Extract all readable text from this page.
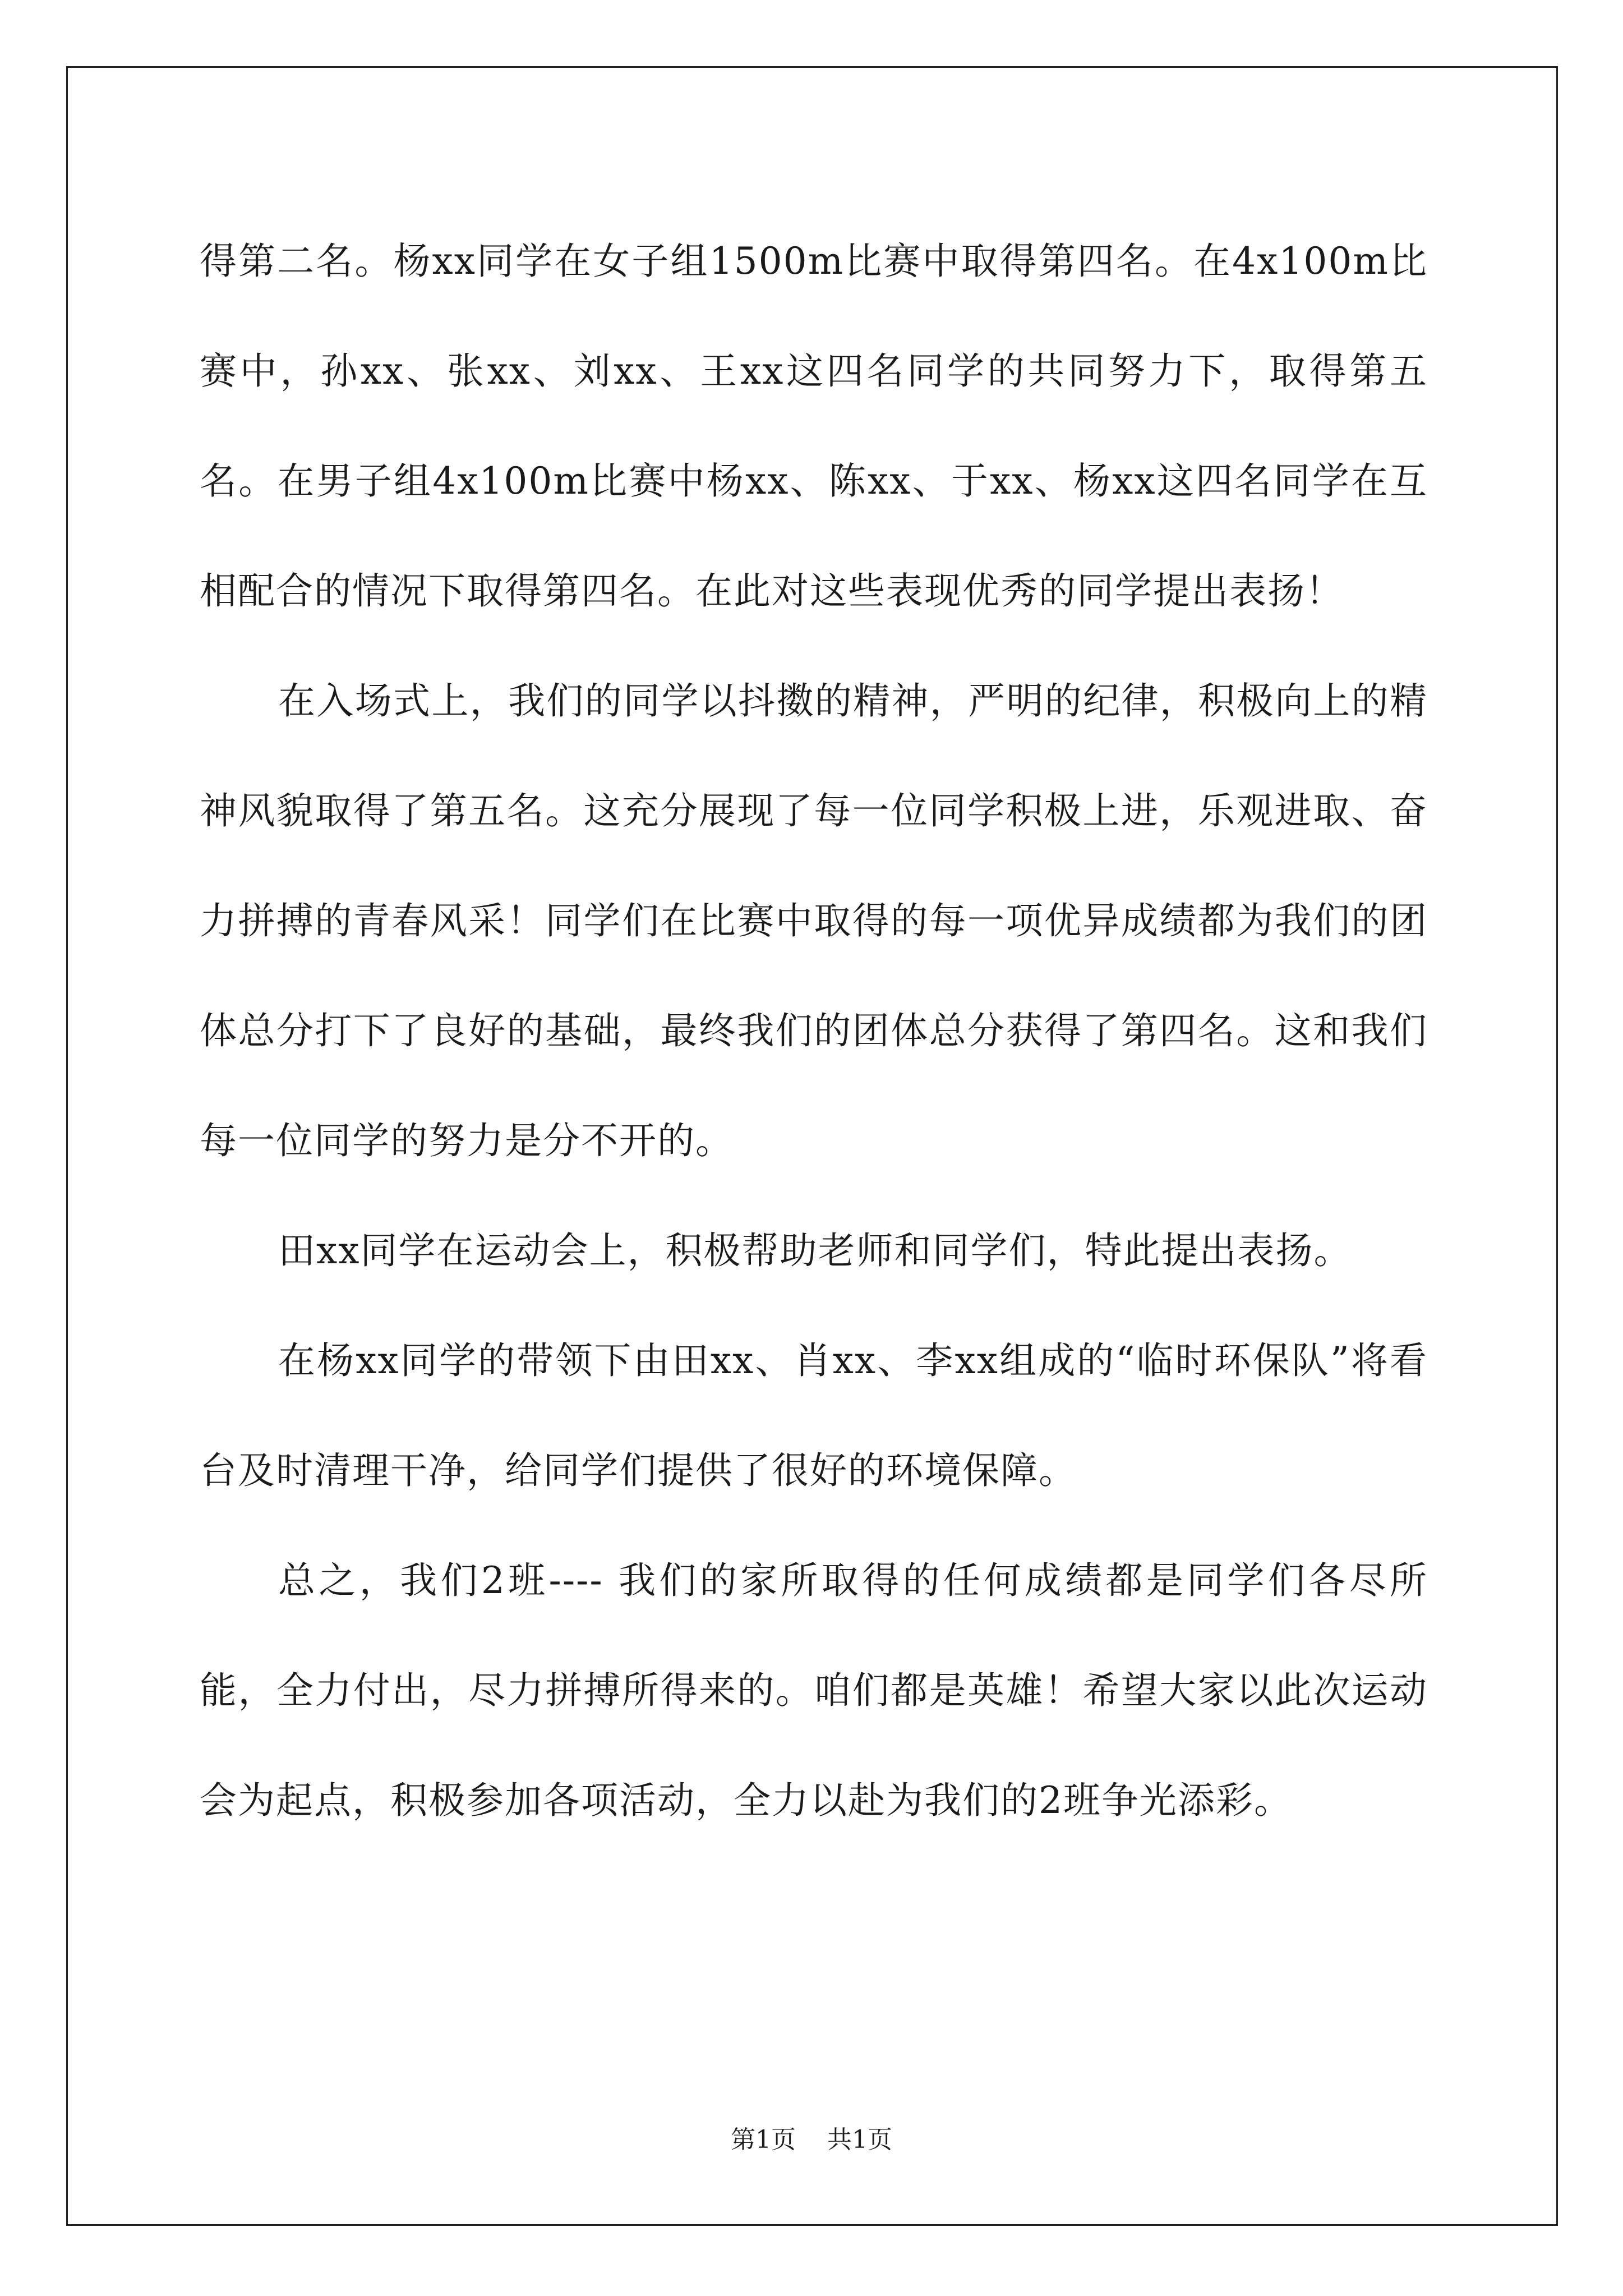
得第二名。杨xx同学在女子组1500m比赛中取得第四名。在4x100m比赛中，孙xx、张xx、刘xx、王xx这四名同学的共同努力下，取得第五名。在男子组4x100m比赛中杨xx、陈xx、于xx、杨xx这四名同学在互相配合的情况下取得第四名。在此对这些表现优秀的同学提出表扬！

在入场式上，我们的同学以抖擞的精神，严明的纪律，积极向上的精神风貌取得了第五名。这充分展现了每一位同学积极上进，乐观进取、奋力拼搏的青春风采！同学们在比赛中取得的每一项优异成绩都为我们的团体总分打下了良好的基础，最终我们的团体总分获得了第四名。这和我们每一位同学的努力是分不开的。

田xx同学在运动会上，积极帮助老师和同学们，特此提出表扬。

在杨xx同学的带领下由田xx、肖xx、李xx组成的“临时环保队”将看台及时清理干净，给同学们提供了很好的环境保障。

总之，我们2班---- 我们的家所取得的任何成绩都是同学们各尽所能，全力付出，尽力拼搏所得来的。咱们都是英雄！希望大家以此次运动会为起点，积极参加各项活动，全力以赴为我们的2班争光添彩。

第1页 共1页
